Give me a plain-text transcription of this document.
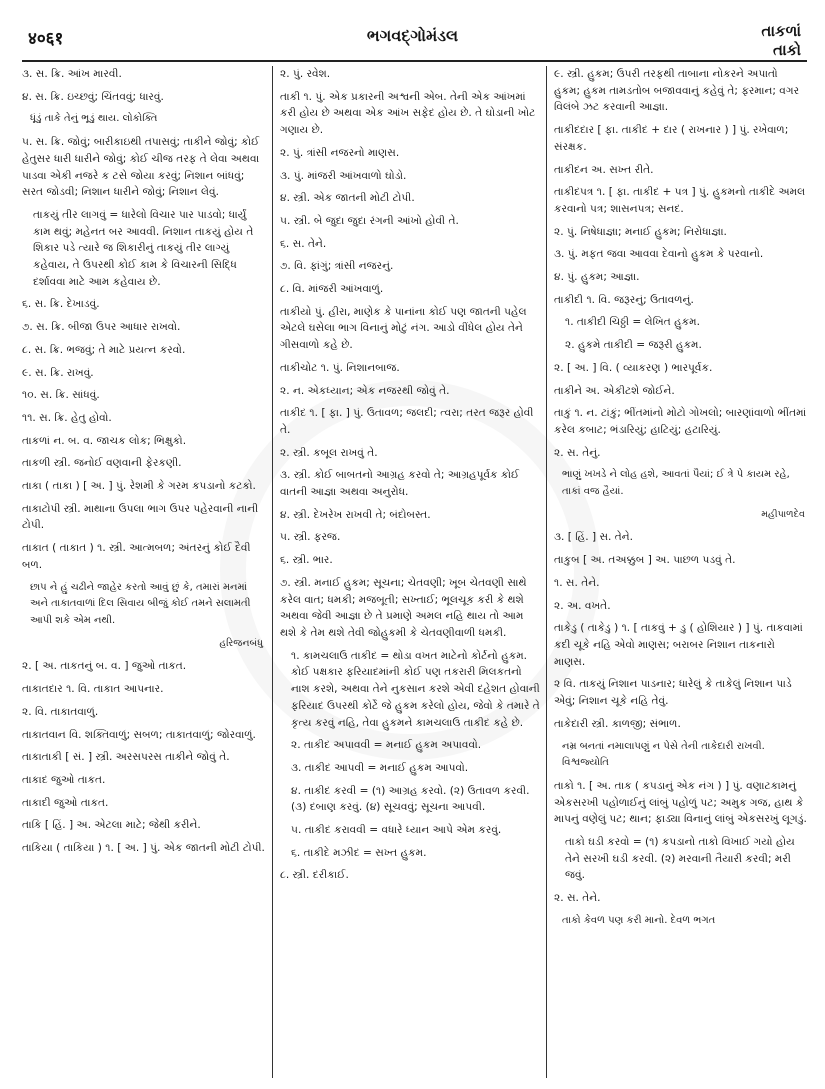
४०६१	ભગવદ્ગોમંડલ	તાકળાં
તાકો

૩. સ. ક્રિ. આંખ મારવી.

૪. સ. ક્રિ. ઇચ્છવું; ચિંતવવું; ધારવું.

ધૂંડું તાકે તેનું ભૂડું થાય. લોકોક્તિ

૫. સ. ક્રિ. જોવું; બારીકાઇથી તપાસવું; તાકીને જોવું; કોઈ હેતુસર ધારી ધારીને જોવું; કોઈ ચીજ તરફ તે લેવા અથવા પાડવા એકી નજરે ક ટસે જોયા કરવું; નિશાન બાંધવું; સરત જોડવી; નિશાન ધારીને જોવું; નિશાન લેવું.

તાકયું તીર લાગવું = ધારેલો વિચાર પાર પાડવો; ધાર્યું કામ થવું; મહેનત બર આવવી. નિશાન તાકયું હોય તે શિકાર પડે ત્યારે જ શિકારીનું તાકયું તીર લાગ્યું કહેવાય, તે ઉપરથી કોઈ કામ કે વિચારની સિદ્ધિ દર્શાવવા માટે આમ કહેવાય છે.

૬. સ. ક્રિ. દેખાડવું.

૭. સ. ક્રિ. બીજા ઉપર આધાર રાખવો.

૮. સ. ક્રિ. ભજવું; તે માટે પ્રયત્ન કરવો.

૯. સ. ક્રિ. રાખવું.

૧૦. સ. ક્રિ. સાંધવું.

૧૧. સ. ક્રિ. હેતુ હોવો.

તાકળાં ન. બ. વ. જાચક લોક; ભિક્ષુકો.

તાકળી સ્ત્રી. જનોઈ વણવાની ફેરકણી.

તાકા ( તાકા ) [ અ. ] પું. રેશમી કે ગરમ કપડાનો કટકો.

તાકાટોપી સ્ત્રી. માથાના ઉપલા ભાગ ઉપર પહેરવાની નાની ટોપી.

તાકાત ( તાકાત ) ૧. સ્ત્રી. આત્મબળ; અંતરનું કોઈ દૈવી બળ.

છાપ ને હું ચઢીને જાહેર કરતો આવું છું કે, તમારાં મનમાં અને તાકાતવાળાં દિલ સિવાય બીજું કોઈ તમને સલામતી આપી શકે એમ નથી.

હરિજનબંધુ

૨. [ અ. તાકતનું બ. વ. ] જુઓ તાકત.

તાકાતદાર ૧. વિ. તાકાત આપનાર.

૨. વિ. તાકાતવાળું.

તાકાતવાન વિ. શક્તિવાળું; સબળ; તાકાતવાળું; જોરવાળું.

તાકાતાકી [ સં. ] સ્ત્રી. અરસપરસ તાકીને જોવું તે.

તાકાદ જુઓ તાકત.

તાકાદી જુઓ તાકત.

તાકિ [ હિં. ] અ. એટલા માટે; જેથી કરીને.

તાકિયા ( તાકિયા ) ૧. [ અ. ] પું. એક જાતની મોટી ટોપી.

૨. પું. રવેશ.

તાકી ૧. પું. એક પ્રકારની અશ્વની એબ. તેની એક આંખમાં કરી હોય છે અથવા એક આંખ સફેદ હોય છે. તે ઘોડાની ખોટ ગણાય છે.

૨. પું. ત્રાંસી નજરનો માણસ.

૩. પું. માંજરી આંખવાળો ઘોડો.

૪. સ્ત્રી. એક જાતની મોટી ટોપી.

૫. સ્ત્રી. બે જુદા જુદા રંગની આંખો હોવી તે.

૬. સ. તેને.

૭. વિ. ફાંગું; ત્રાંસી નજરનું.

૮. વિ. માંજરી આંખવાળું.

તાકીયો પું. હીરા, માણેક કે પાનાંના કોઈ પણ જાતની પહેલ એટલે ઘસેલા ભાગ વિનાનું મોટું નંગ. આડો વીંધેલ હોય તેને ગીસવાળો કહે છે.

તાકીચોટ ૧. પું. નિશાનબાજ.

૨. ન. એકધ્યાન; એક નજરથી જોવું તે.

તાકીદ ૧. [ ફા. ] પું. ઉતાવળ; જલદી; ત્વરા; તરત જરૂર હોવી તે.

૨. સ્ત્રી. કબૂલ રાખવું તે.

૩. સ્ત્રી. કોઈ બાબતનો આગ્રહ કરવો તે; આગ્રહપૂર્વક કોઈ વાતની આજ્ઞા અથવા અનુરોધ.

૪. સ્ત્રી. દેખરેખ રાખવી તે; બંદોબસ્ત.

૫. સ્ત્રી. ફરજ.

૬. સ્ત્રી. ભાર.

૭. સ્ત્રી. મનાઈ હુકમ; સૂચના; ચેતવણી; ખૂબ ચેતવણી સાથે કરેલ વાત; ધમકી; મજબૂતી; સખ્તાઈ; ભૂલચૂક કરી કે થશે અથવા જેવી આજ્ઞા છે તે પ્રમાણે અમલ નહિ થાય તો આમ થશે કે તેમ થશે તેવી જોહુકમી કે ચેતવણીવાળી ધમકી.

૧. કામચલાઉ તાકીદ = થોડા વખત માટેનો કોર્ટનો હુકમ. કોઈ પક્ષકાર ફરિયાદમાંની કોઈ પણ તકરારી મિલકતનો નાશ કરશે, અથવા તેને નુકસાન કરશે એવી દહેશત હોવાની ફરિયાદ ઉપરથી કોર્ટે જે હુકમ કરેલો હોય, જેવો કે તમારે તે કૃત્ય કરવું નહિ, તેવા હુકમને કામચલાઉ તાકીદ કહે છે.

૨. તાકીદ અપાવવી = મનાઈ હુકમ અપાવવો.

૩. તાકીદ આપવી = મનાઈ હુકમ આપવો.

૪. તાકીદ કરવી = (૧) આગ્રહ કરવો. (૨) ઉતાવળ કરવી. (૩) દબાણ કરવું. (૪) સૂચવવું; સૂચના આપવી.

૫. તાકીદ કરાવવી = વધારે ધ્યાન આપે એમ કરવું.

૬. તાકીદે મઝીદ = સખ્ત હુકમ.

૮. સ્ત્રી. દરીકાઈ.

૯. સ્ત્રી. હુકમ; ઉપરી તરફથી તાબાના નોકરને અપાતો હુકમ; હુકમ તામડતોબ બજાવવાનું કહેવું તે; ફરમાન; વગર વિલંબે ઝટ કરવાની આજ્ઞા.

તાકીદદાર [ ફા. તાકીદ + દાર ( રાખનાર ) ] પું. રખેવાળ; સંરક્ષક.

તાકીદન અ. સખ્ત રીતે.

તાકીદપત્ર ૧. [ ફા. તાકીદ + પત્ર ] પું. હુકમનો તાકીદે અમલ કરવાનો પત્ર; શાસનપત્ર; સનદ.

૨. પું. નિષેધાજ્ઞા; મનાઈ હુકમ; નિરોધાજ્ઞા.

૩. પું. મફત જવા આવવા દેવાનો હુકમ કે પરવાનો.

૪. પું. હુકમ; આજ્ઞા.

તાકીદી ૧. વિ. જરૂરનું; ઉતાવળનું.

૧. તાકીદી ચિઠ્ઠી = લેખિત હુકમ.

૨. હુકમે તાકીદી = જરૂરી હુકમ.

૨. [ અ. ] વિ. ( વ્યાકરણ ) ભારપૂર્વક.

તાકીને અ. એકીટશે જોઈને.

તાકું ૧. ન. ટાંકું; ભીંતમાંનો મોટો ગોખલો; બારણાંવાળો ભીંતમાં કરેલ કબાટ; ભંડારિયું; હાટિયું; હટારિયું.

૨. સ. તેનું.

ભાણું ખખડે ને લોહ હશે, આવતાં પૈયાં; ઈ ત્રે પે કાયમ રહે, તાકાં વજ હૈયાં.

મહીપાળદેવ

૩. [ હિં. ] સ. તેને.

તાકુબ [ અ. તઅક્કુબ ] અ. પાછળ પડવું તે.

૧. સ. તેને.

૨. અ. વખતે.

તાકેડુ ( તાકેડુ ) ૧. [ તાકવું + ડુ ( હોશિયાર ) ] પું. તાકવામાં કદી ચૂકે નહિ એવો માણસ; બરાબર નિશાન તાકનારો માણસ.

૨ વિ. તાકયું નિશાન પાડનાર; ધારેલું કે તાકેલું નિશાન પાડે એવું; નિશાન ચૂકે નહિ તેવું.

તાકેદારી સ્ત્રી. કાળજી; સંભાળ.

નમ્ર બનતાં નમાલાપણું ન પેસે તેની તાકેદારી રાખવી. વિશ્વજ્યોતિ

તાકો ૧. [ અ. તાક ( કપડાનું એક નંગ ) ] પું. વણાટકામનું એકસરખી પહોળાઈનું લાંબું પહોળું પટ; અમુક ગજ, હાથ કે માપનું વણેલું પટ; થાન; ફાડ્યા વિનાનું લાંબું એકસરખું લૂગડું.

તાકો ઘડી કરવો = (૧) કપડાનો તાકો વિખાઈ ગયો હોય તેને સરખી ઘડી કરવી. (૨) મરવાની તૈયારી કરવી; મરી જવું.

૨. સ. તેને.

તાકો કેવળ પણ કરી માનો. દેવળ ભગત
